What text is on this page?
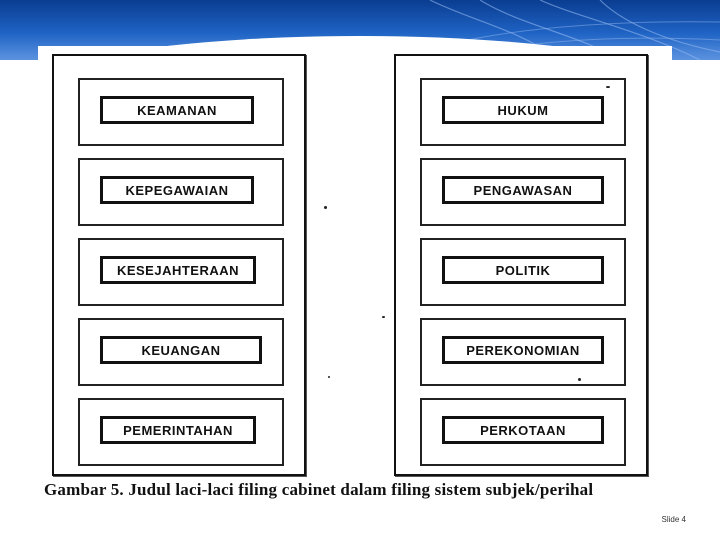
KEAMANAN
KEPEGAWAIAN
KESEJAHTERAAN
KEUANGAN
PEMERINTAHAN
HUKUM
PENGAWASAN
POLITIK
PEREKONOMIAN
PERKOTAAN
Gambar 5. Judul laci-laci filing cabinet dalam filing sistem subjek/perihal
Slide 4
